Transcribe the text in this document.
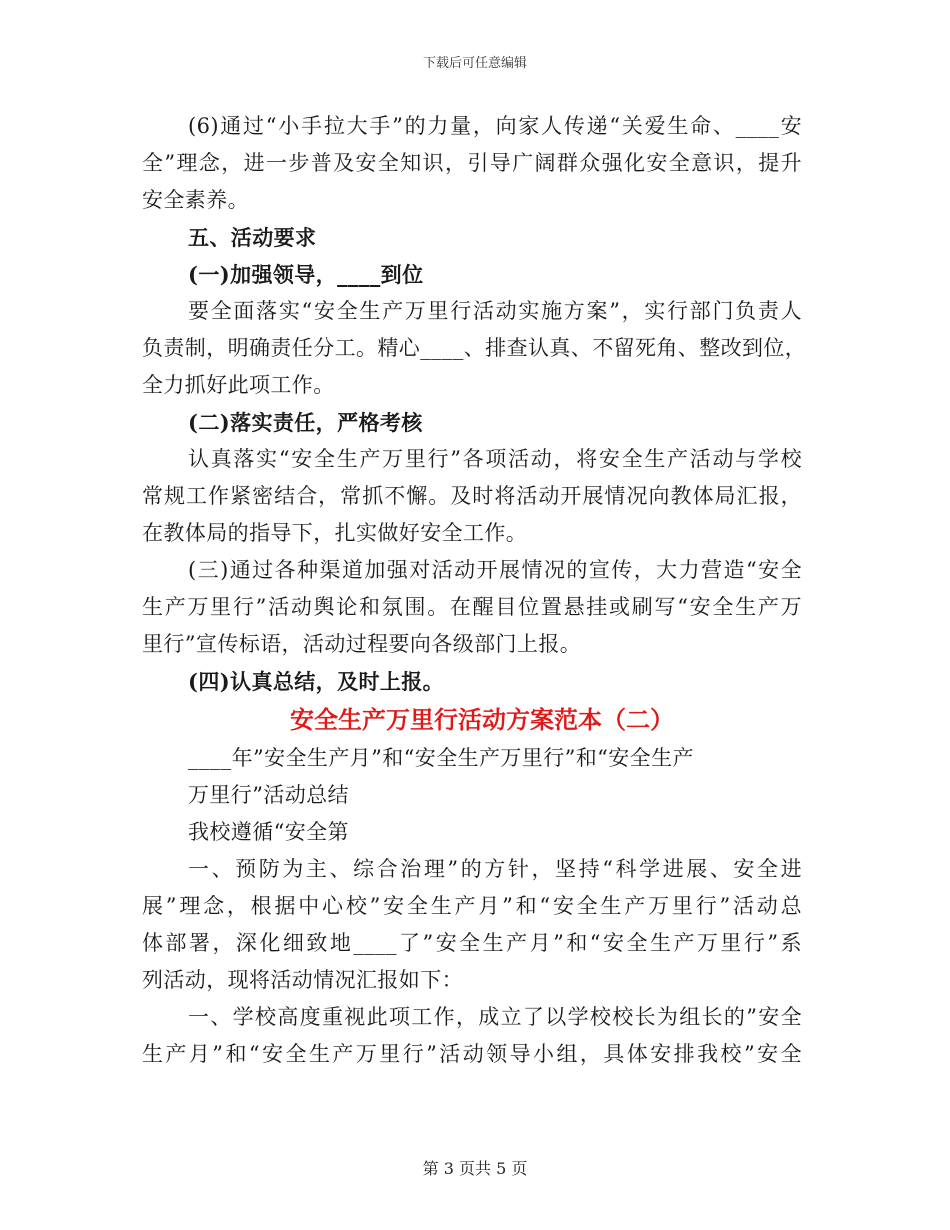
下载后可任意编辑
(6)通过“小手拉大手”的力量，向家人传递“关爱生命、____安
全”理念，进一步普及安全知识，引导广阔群众强化安全意识，提升
安全素养。
五、活动要求
(一)加强领导，____到位
要全面落实“安全生产万里行活动实施方案”，实行部门负责人
负责制，明确责任分工。精心____、排查认真、不留死角、整改到位，
全力抓好此项工作。
(二)落实责任，严格考核
认真落实“安全生产万里行”各项活动，将安全生产活动与学校
常规工作紧密结合，常抓不懈。及时将活动开展情况向教体局汇报，
在教体局的指导下，扎实做好安全工作。
(三)通过各种渠道加强对活动开展情况的宣传，大力营造“安全
生产万里行”活动舆论和氛围。在醒目位置悬挂或刷写“安全生产万
里行”宣传标语，活动过程要向各级部门上报。
(四)认真总结，及时上报。
安全生产万里行活动方案范本（二）
____年”安全生产月”和“安全生产万里行”和“安全生产
万里行”活动总结
我校遵循“安全第
一、预防为主、综合治理”的方针，坚持“科学进展、安全进
展”理念，根据中心校”安全生产月”和“安全生产万里行”活动总
体部署，深化细致地____了”安全生产月”和“安全生产万里行”系
列活动，现将活动情况汇报如下：
一、学校高度重视此项工作，成立了以学校校长为组长的”安全
生产月”和“安全生产万里行”活动领导小组，具体安排我校”安全
第 3 页共 5 页
